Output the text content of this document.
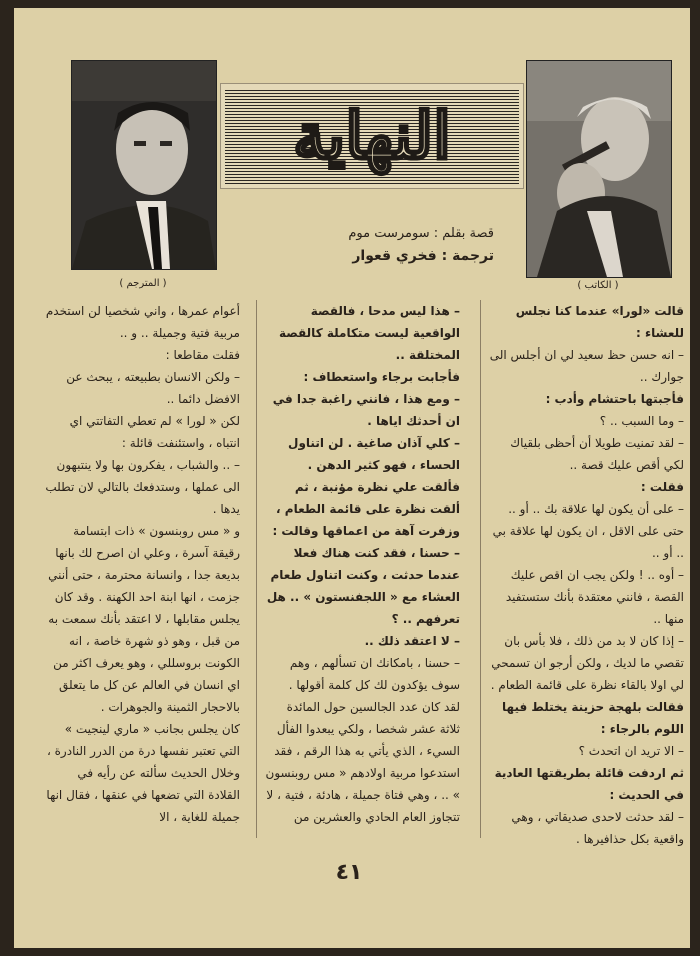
( الكاتب )
( المترجم )
النهاية
قصة بقلم : سومرست موم
ترجمة : فخري قعوار

قالت «لورا» عندما كنا نجلس للعشاء :

– انه حسن حظ سعيد لي ان أجلس الى جوارك ..

فأجبتها باحتشام وأدب :

– وما السبب .. ؟

– لقد تمنيت طويلا أن أحظى بلقياك لكي أقص عليك قصة ..

فقلت :

– على أن يكون لها علاقة بك .. أو .. حتى على الاقل ، ان يكون لها علاقة بي .. أو ..

– أوه .. ! ولكن يجب ان اقص عليك القصة ، فانني معتقدة بأنك ستستفيد منها ..

– إذا كان لا بد من ذلك ، فلا بأس بان تقصي ما لديك ، ولكن أرجو ان تسمحي لي اولا بالقاء نظرة على قائمة الطعام .

فقالت بلهجة حزينة يختلط فيها اللوم بالرجاء :

– الا تريد ان اتحدث ؟

ثم اردفت قائلة بطريقتها العادية في الحديث :

– لقد حدثت لاحدى صديقاتي ، وهي واقعية بكل حذافيرها .

– هذا ليس مدحا ، فالقصة الواقعية ليست متكاملة كالقصة المختلقة ..

فأجابت برجاء واستعطاف :

– ومع هذا ، فانني راغبة جدا في ان أحدثك اياها .

– كلي آذان صاغية . لن اتناول الحساء ، فهو كثير الدهن .

فألقت علي نظرة مؤنبة ، ثم ألقت نظرة على قائمة الطعام ، وزفرت آهة من اعماقها وقالت :

– حسنا ، فقد كنت هناك فعلا عندما حدثت ، وكنت اتناول طعام العشاء مع « اللجفنستون » .. هل تعرفهم .. ؟

– لا اعتقد ذلك ..

– حسنا ، بامكانك ان تسألهم ، وهم سوف يؤكدون لك كل كلمة أقولها .

لقد كان عدد الجالسين حول المائدة ثلاثة عشر شخصا ، ولكي يبعدوا الفأل السيء ، الذي يأتي به هذا الرقم ، فقد استدعوا مربية اولادهم « مس روبنسون » .. ، وهي فتاة جميلة ، هادئة ، فتية ، لا تتجاوز العام الحادي والعشرين من

أعوام عمرها ، واني شخصيا لن استخدم مربية فتية وجميلة .. و ..

فقلت مقاطعا :

– ولكن الانسان بطبيعته ، يبحث عن الافضل دائما ..

لكن « لورا » لم تعطي التفاتتي اي انتباه ، واستئنفت قائلة :

– .. والشباب ، يفكرون بها ولا ينتبهون الى عملها ، وستدفعك بالتالي لان تطلب يدها .

و « مس روبنسون » ذات ابتسامة رقيقة آسرة ، وعلي ان اصرح لك بانها بديعة جدا ، وانسانة محترمة ، حتى أنني جزمت ، انها ابنة احد الكهنة . وقد كان يجلس مقابلها ، لا اعتقد بأنك سمعت به من قبل ، وهو ذو شهرة خاصة ، انه الكونت بروسللي ، وهو يعرف اكثر من اي انسان في العالم عن كل ما يتعلق بالاحجار الثمينة والجوهرات .

كان يجلس بجانب « ماري لينجيت » التي تعتبر نفسها درة من الدرر النادرة ، وخلال الحديث سألته عن رأيه في القلادة التي تضعها في عنقها ، فقال انها جميلة للغاية ، الا

٤١
